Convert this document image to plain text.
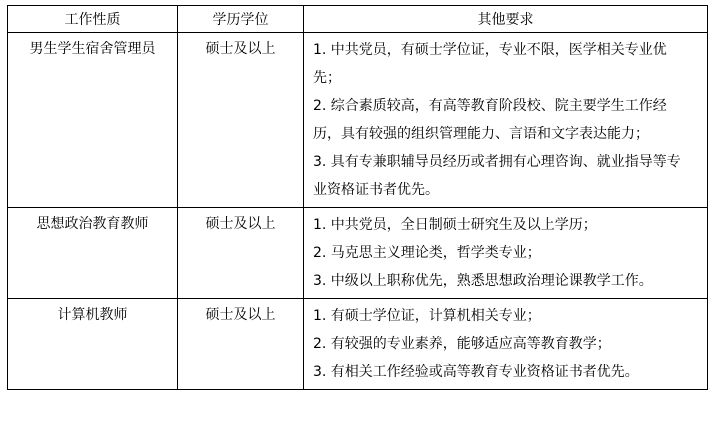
工作性质	学历学位	其他要求
男生学生宿舍管理员	硕士及以上	1. 中共党员，有硕士学位证，专业不限，医学相关专业优先；

2. 综合素质较高，有高等教育阶段校、院主要学生工作经历，具有较强的组织管理能力、言语和文字表达能力；

3. 具有专兼职辅导员经历或者拥有心理咨询、就业指导等专业资格证书者优先。

思想政治教育教师	硕士及以上	1. 中共党员，全日制硕士研究生及以上学历；

2. 马克思主义理论类，哲学类专业；

3. 中级以上职称优先，熟悉思想政治理论课教学工作。

计算机教师	硕士及以上	1. 有硕士学位证，计算机相关专业；

2. 有较强的专业素养，能够适应高等教育教学；

3. 有相关工作经验或高等教育专业资格证书者优先。
